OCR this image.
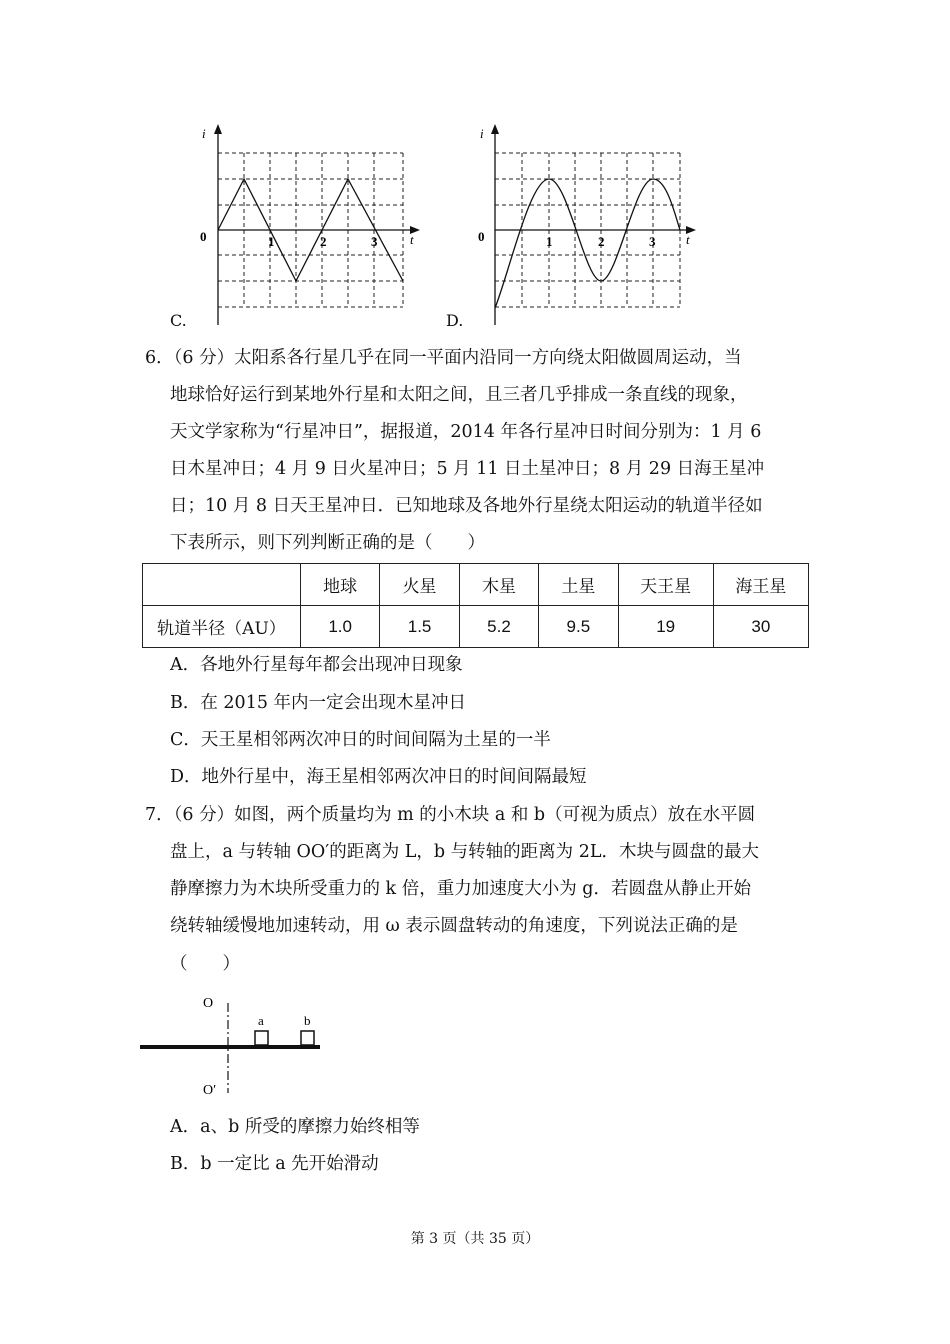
i
0	1	2	3	t
C.
i
0	1	2	3 t
D.
6．（6 分）太阳系各行星几乎在同一平面内沿同一方向绕太阳做圆周运动，当
地球恰好运行到某地外行星和太阳之间，且三者几乎排成一条直线的现象，
天文学家称为“行星冲日”，据报道，2014 年各行星冲日时间分别为：1 月 6
日木星冲日；4 月 9 日火星冲日；5 月 11 日土星冲日；8 月 29 日海王星冲
日；10 月 8 日天王星冲日．已知地球及各地外行星绕太阳运动的轨道半径如
下表所示，则下列判断正确的是（　　）
	地球	火星	木星	土星	天王星	海王星
轨道半径（AU）	1.0	1.5	5.2	9.5	19	30
A．各地外行星每年都会出现冲日现象
B．在 2015 年内一定会出现木星冲日
C．天王星相邻两次冲日的时间间隔为土星的一半
D．地外行星中，海王星相邻两次冲日的时间间隔最短
7．（6 分）如图，两个质量均为 m 的小木块 a 和 b（可视为质点）放在水平圆
盘上，a 与转轴 OO′的距离为 L，b 与转轴的距离为 2L．木块与圆盘的最大
静摩擦力为木块所受重力的 k 倍，重力加速度大小为 g．若圆盘从静止开始
绕转轴缓慢地加速转动，用 ω 表示圆盘转动的角速度，下列说法正确的是
（　　）
O
O′
a	b
A．a、b 所受的摩擦力始终相等
B．b 一定比 a 先开始滑动
第 3 页（共 35 页）
